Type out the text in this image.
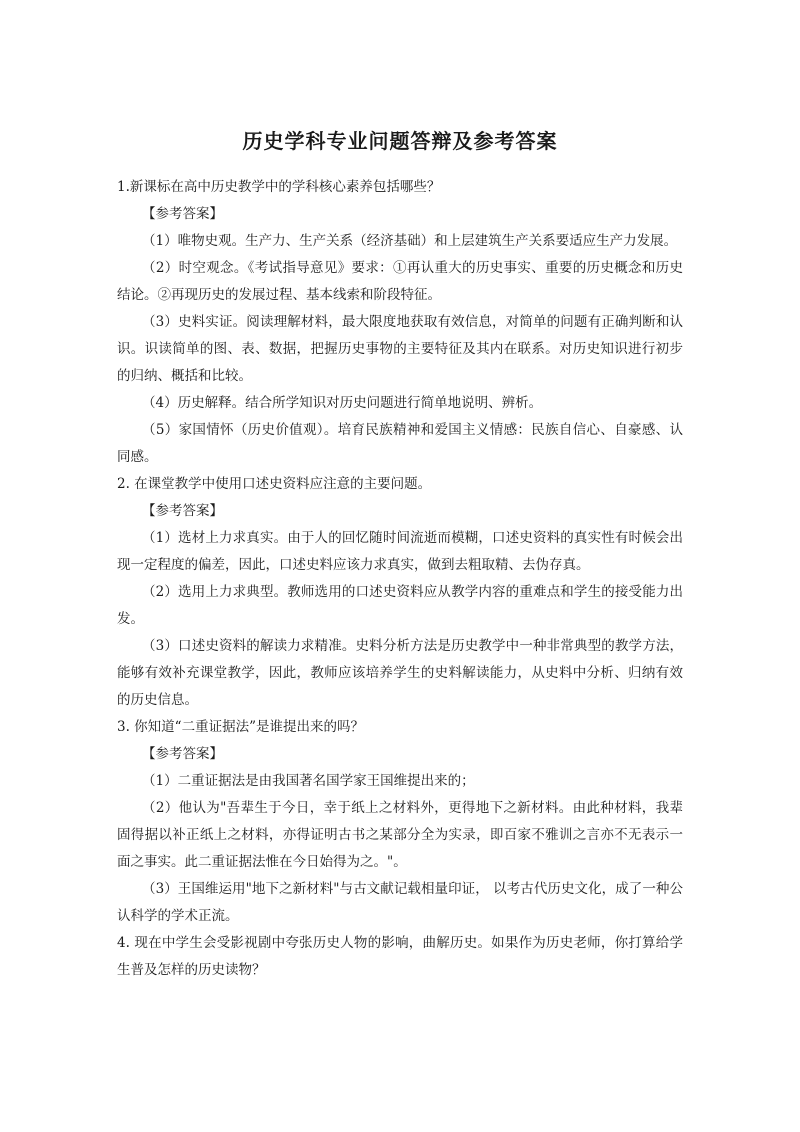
历史学科专业问题答辩及参考答案

1.新课标在高中历史教学中的学科核心素养包括哪些？

【参考答案】

（1）唯物史观。生产力、生产关系（经济基础）和上层建筑生产关系要适应生产力发展。

（2）时空观念。《考试指导意见》要求：①再认重大的历史事实、重要的历史概念和历史结论。②再现历史的发展过程、基本线索和阶段特征。

（3）史料实证。阅读理解材料，最大限度地获取有效信息，对简单的问题有正确判断和认识。识读简单的图、表、数据，把握历史事物的主要特征及其内在联系。对历史知识进行初步的归纳、概括和比较。

（4）历史解释。结合所学知识对历史问题进行简单地说明、辨析。

（5）家国情怀（历史价值观）。培育民族精神和爱国主义情感：民族自信心、自豪感、认同感。

2. 在课堂教学中使用口述史资料应注意的主要问题。

【参考答案】

（1）选材上力求真实。由于人的回忆随时间流逝而模糊，口述史资料的真实性有时候会出现一定程度的偏差，因此，口述史料应该力求真实，做到去粗取精、去伪存真。

（2）选用上力求典型。教师选用的口述史资料应从教学内容的重难点和学生的接受能力出发。

（3）口述史资料的解读力求精准。史料分析方法是历史教学中一种非常典型的教学方法，能够有效补充课堂教学，因此，教师应该培养学生的史料解读能力，从史料中分析、归纳有效的历史信息。

3. 你知道“二重证据法”是谁提出来的吗？

【参考答案】

（1）二重证据法是由我国著名国学家王国维提出来的；

（2）他认为"吾辈生于今日，幸于纸上之材料外，更得地下之新材料。由此种材料，我辈固得据以补正纸上之材料，亦得证明古书之某部分全为实录，即百家不雅训之言亦不无表示一面之事实。此二重证据法惟在今日始得为之。"。

（3）王国维运用"地下之新材料"与古文献记载相量印证， 以考古代历史文化，成了一种公认科学的学术正流。

4. 现在中学生会受影视剧中夸张历史人物的影响，曲解历史。如果作为历史老师，你打算给学生普及怎样的历史读物？
